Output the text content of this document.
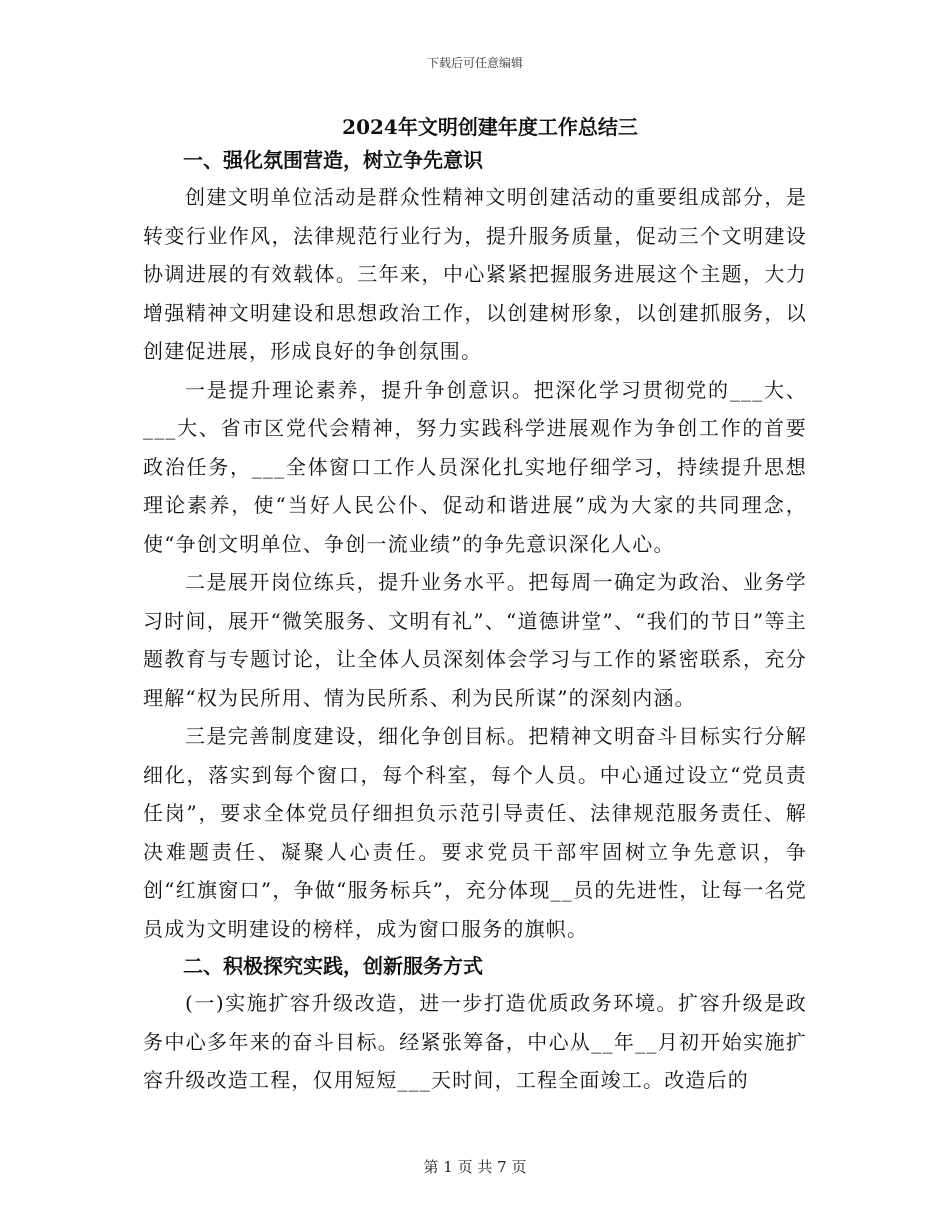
下载后可任意编辑
2024年文明创建年度工作总结三
一、强化氛围营造，树立争先意识

创建文明单位活动是群众性精神文明创建活动的重要组成部分，是转变行业作风，法律规范行业行为，提升服务质量，促动三个文明建设协调进展的有效载体。三年来，中心紧紧把握服务进展这个主题，大力增强精神文明建设和思想政治工作，以创建树形象，以创建抓服务，以创建促进展，形成良好的争创氛围。

一是提升理论素养，提升争创意识。把深化学习贯彻党的___大、___大、省市区党代会精神，努力实践科学进展观作为争创工作的首要政治任务，___全体窗口工作人员深化扎实地仔细学习，持续提升思想理论素养，使“当好人民公仆、促动和谐进展”成为大家的共同理念，使“争创文明单位、争创一流业绩”的争先意识深化人心。

二是展开岗位练兵，提升业务水平。把每周一确定为政治、业务学习时间，展开“微笑服务、文明有礼”、“道德讲堂”、“我们的节日”等主题教育与专题讨论，让全体人员深刻体会学习与工作的紧密联系，充分理解“权为民所用、情为民所系、利为民所谋”的深刻内涵。

三是完善制度建设，细化争创目标。把精神文明奋斗目标实行分解细化，落实到每个窗口，每个科室，每个人员。中心通过设立“党员责任岗”，要求全体党员仔细担负示范引导责任、法律规范服务责任、解决难题责任、凝聚人心责任。要求党员干部牢固树立争先意识，争创“红旗窗口”，争做“服务标兵”，充分体现__员的先进性，让每一名党员成为文明建设的榜样，成为窗口服务的旗帜。

二、积极探究实践，创新服务方式

(一)实施扩容升级改造，进一步打造优质政务环境。扩容升级是政务中心多年来的奋斗目标。经紧张筹备，中心从__年__月初开始实施扩容升级改造工程，仅用短短___天时间，工程全面竣工。改造后的

第 1 页 共 7 页
